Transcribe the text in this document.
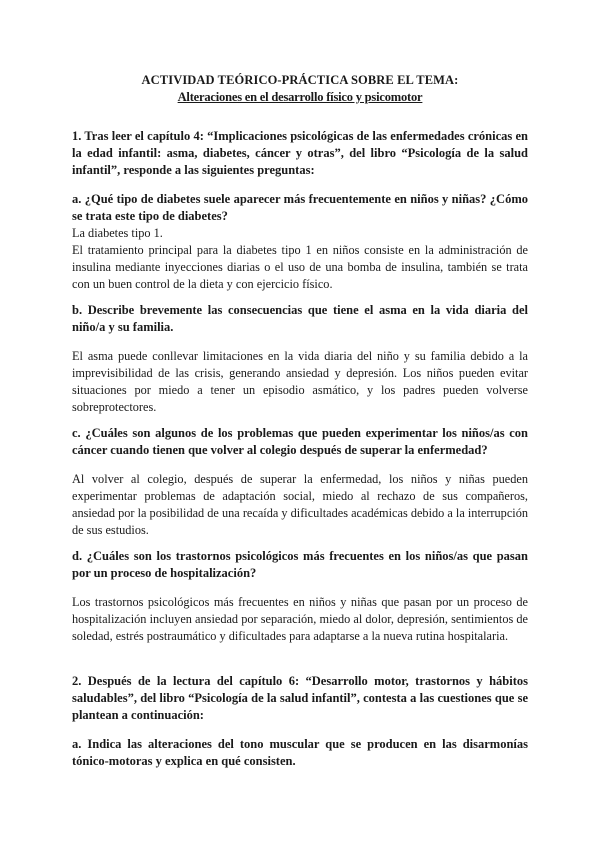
ACTIVIDAD TEÓRICO-PRÁCTICA SOBRE EL TEMA:

Alteraciones en el desarrollo físico y psicomotor

1. Tras leer el capítulo 4: “Implicaciones psicológicas de las enfermedades crónicas en la edad infantil: asma, diabetes, cáncer y otras”, del libro “Psicología de la salud infantil”, responde a las siguientes preguntas:

a. ¿Qué tipo de diabetes suele aparecer más frecuentemente en niños y niñas? ¿Cómo se trata este tipo de diabetes?

La diabetes tipo 1.

El tratamiento principal para la diabetes tipo 1 en niños consiste en la administración de insulina mediante inyecciones diarias o el uso de una bomba de insulina, también se trata con un buen control de la dieta y con ejercicio físico.

b. Describe brevemente las consecuencias que tiene el asma en la vida diaria del niño/a y su familia.

El asma puede conllevar limitaciones en la vida diaria del niño y su familia debido a la imprevisibilidad de las crisis, generando ansiedad y depresión. Los niños pueden evitar situaciones por miedo a tener un episodio asmático, y los padres pueden volverse sobreprotectores.

c. ¿Cuáles son algunos de los problemas que pueden experimentar los niños/as con cáncer cuando tienen que volver al colegio después de superar la enfermedad?

Al volver al colegio, después de superar la enfermedad, los niños y niñas pueden experimentar problemas de adaptación social, miedo al rechazo de sus compañeros, ansiedad por la posibilidad de una recaída y dificultades académicas debido a la interrupción de sus estudios.

d. ¿Cuáles son los trastornos psicológicos más frecuentes en los niños/as que pasan por un proceso de hospitalización?

Los trastornos psicológicos más frecuentes en niños y niñas que pasan por un proceso de hospitalización incluyen ansiedad por separación, miedo al dolor, depresión, sentimientos de soledad, estrés postraumático y dificultades para adaptarse a la nueva rutina hospitalaria.

2. Después de la lectura del capítulo 6: “Desarrollo motor, trastornos y hábitos saludables”, del libro “Psicología de la salud infantil”, contesta a las cuestiones que se plantean a continuación:

a. Indica las alteraciones del tono muscular que se producen en las disarmonías tónico-motoras y explica en qué consisten.
